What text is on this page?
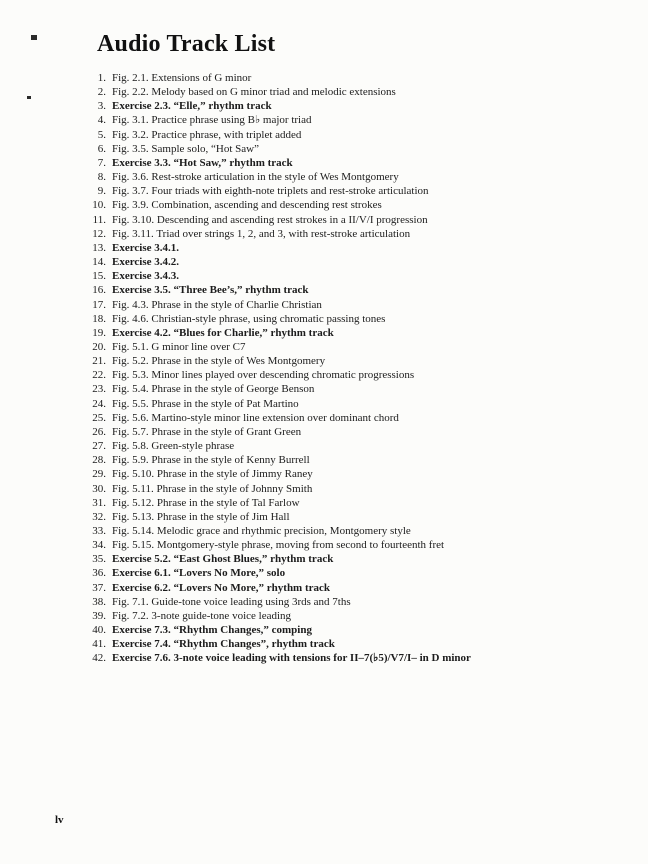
Audio Track List
1. Fig. 2.1. Extensions of G minor
2. Fig. 2.2. Melody based on G minor triad and melodic extensions
3. Exercise 2.3. “Elle,” rhythm track
4. Fig. 3.1. Practice phrase using B♭ major triad
5. Fig. 3.2. Practice phrase, with triplet added
6. Fig. 3.5. Sample solo, “Hot Saw”
7. Exercise 3.3. “Hot Saw,” rhythm track
8. Fig. 3.6. Rest-stroke articulation in the style of Wes Montgomery
9. Fig. 3.7. Four triads with eighth-note triplets and rest-stroke articulation
10. Fig. 3.9. Combination, ascending and descending rest strokes
11. Fig. 3.10. Descending and ascending rest strokes in a II/V/I progression
12. Fig. 3.11. Triad over strings 1, 2, and 3, with rest-stroke articulation
13. Exercise 3.4.1.
14. Exercise 3.4.2.
15. Exercise 3.4.3.
16. Exercise 3.5. “Three Bee’s,” rhythm track
17. Fig. 4.3. Phrase in the style of Charlie Christian
18. Fig. 4.6. Christian-style phrase, using chromatic passing tones
19. Exercise 4.2. “Blues for Charlie,” rhythm track
20. Fig. 5.1. G minor line over C7
21. Fig. 5.2. Phrase in the style of Wes Montgomery
22. Fig. 5.3. Minor lines played over descending chromatic progressions
23. Fig. 5.4. Phrase in the style of George Benson
24. Fig. 5.5. Phrase in the style of Pat Martino
25. Fig. 5.6. Martino-style minor line extension over dominant chord
26. Fig. 5.7. Phrase in the style of Grant Green
27. Fig. 5.8. Green-style phrase
28. Fig. 5.9. Phrase in the style of Kenny Burrell
29. Fig. 5.10. Phrase in the style of Jimmy Raney
30. Fig. 5.11. Phrase in the style of Johnny Smith
31. Fig. 5.12. Phrase in the style of Tal Farlow
32. Fig. 5.13. Phrase in the style of Jim Hall
33. Fig. 5.14. Melodic grace and rhythmic precision, Montgomery style
34. Fig. 5.15. Montgomery-style phrase, moving from second to fourteenth fret
35. Exercise 5.2. “East Ghost Blues,” rhythm track
36. Exercise 6.1. “Lovers No More,” solo
37. Exercise 6.2. “Lovers No More,” rhythm track
38. Fig. 7.1. Guide-tone voice leading using 3rds and 7ths
39. Fig. 7.2. 3-note guide-tone voice leading
40. Exercise 7.3. “Rhythm Changes,” comping
41. Exercise 7.4. “Rhythm Changes”, rhythm track
42. Exercise 7.6. 3-note voice leading with tensions for II–7(♭5)/V7/I– in D minor
lv
